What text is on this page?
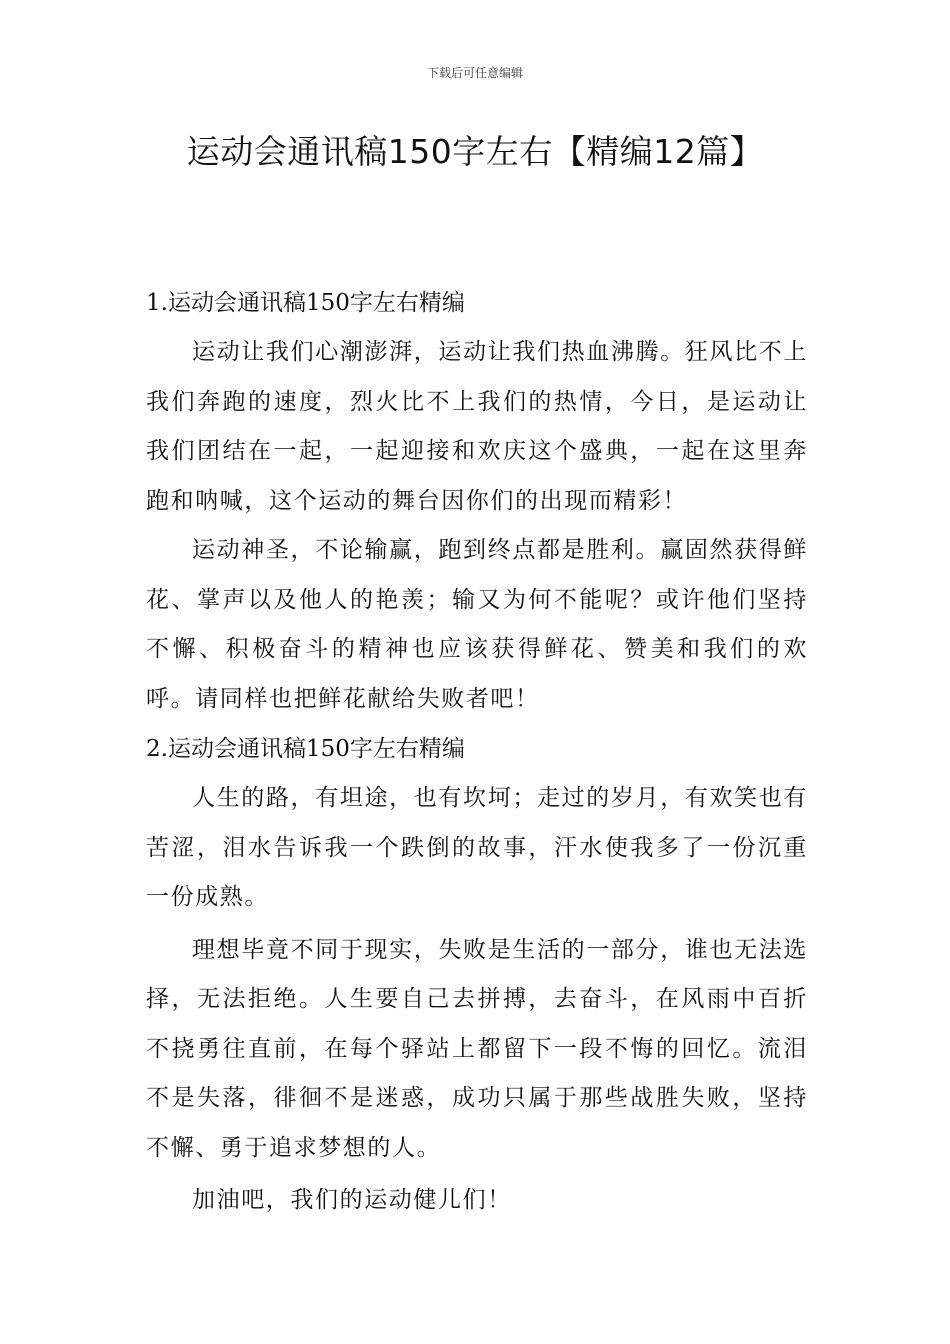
下载后可任意编辑
运动会通讯稿150字左右【精编12篇】

1.运动会通讯稿150字左右精编

运动让我们心潮澎湃，运动让我们热血沸腾。狂风比不上我们奔跑的速度，烈火比不上我们的热情，今日，是运动让我们团结在一起，一起迎接和欢庆这个盛典，一起在这里奔跑和呐喊，这个运动的舞台因你们的出现而精彩！

运动神圣，不论输赢，跑到终点都是胜利。赢固然获得鲜花、掌声以及他人的艳羡；输又为何不能呢？或许他们坚持不懈、积极奋斗的精神也应该获得鲜花、赞美和我们的欢呼。请同样也把鲜花献给失败者吧！

2.运动会通讯稿150字左右精编

人生的路，有坦途，也有坎坷；走过的岁月，有欢笑也有苦涩，泪水告诉我一个跌倒的故事，汗水使我多了一份沉重一份成熟。

理想毕竟不同于现实，失败是生活的一部分，谁也无法选择，无法拒绝。人生要自己去拼搏，去奋斗，在风雨中百折不挠勇往直前，在每个驿站上都留下一段不悔的回忆。流泪不是失落，徘徊不是迷惑，成功只属于那些战胜失败，坚持不懈、勇于追求梦想的人。

加油吧，我们的运动健儿们！
